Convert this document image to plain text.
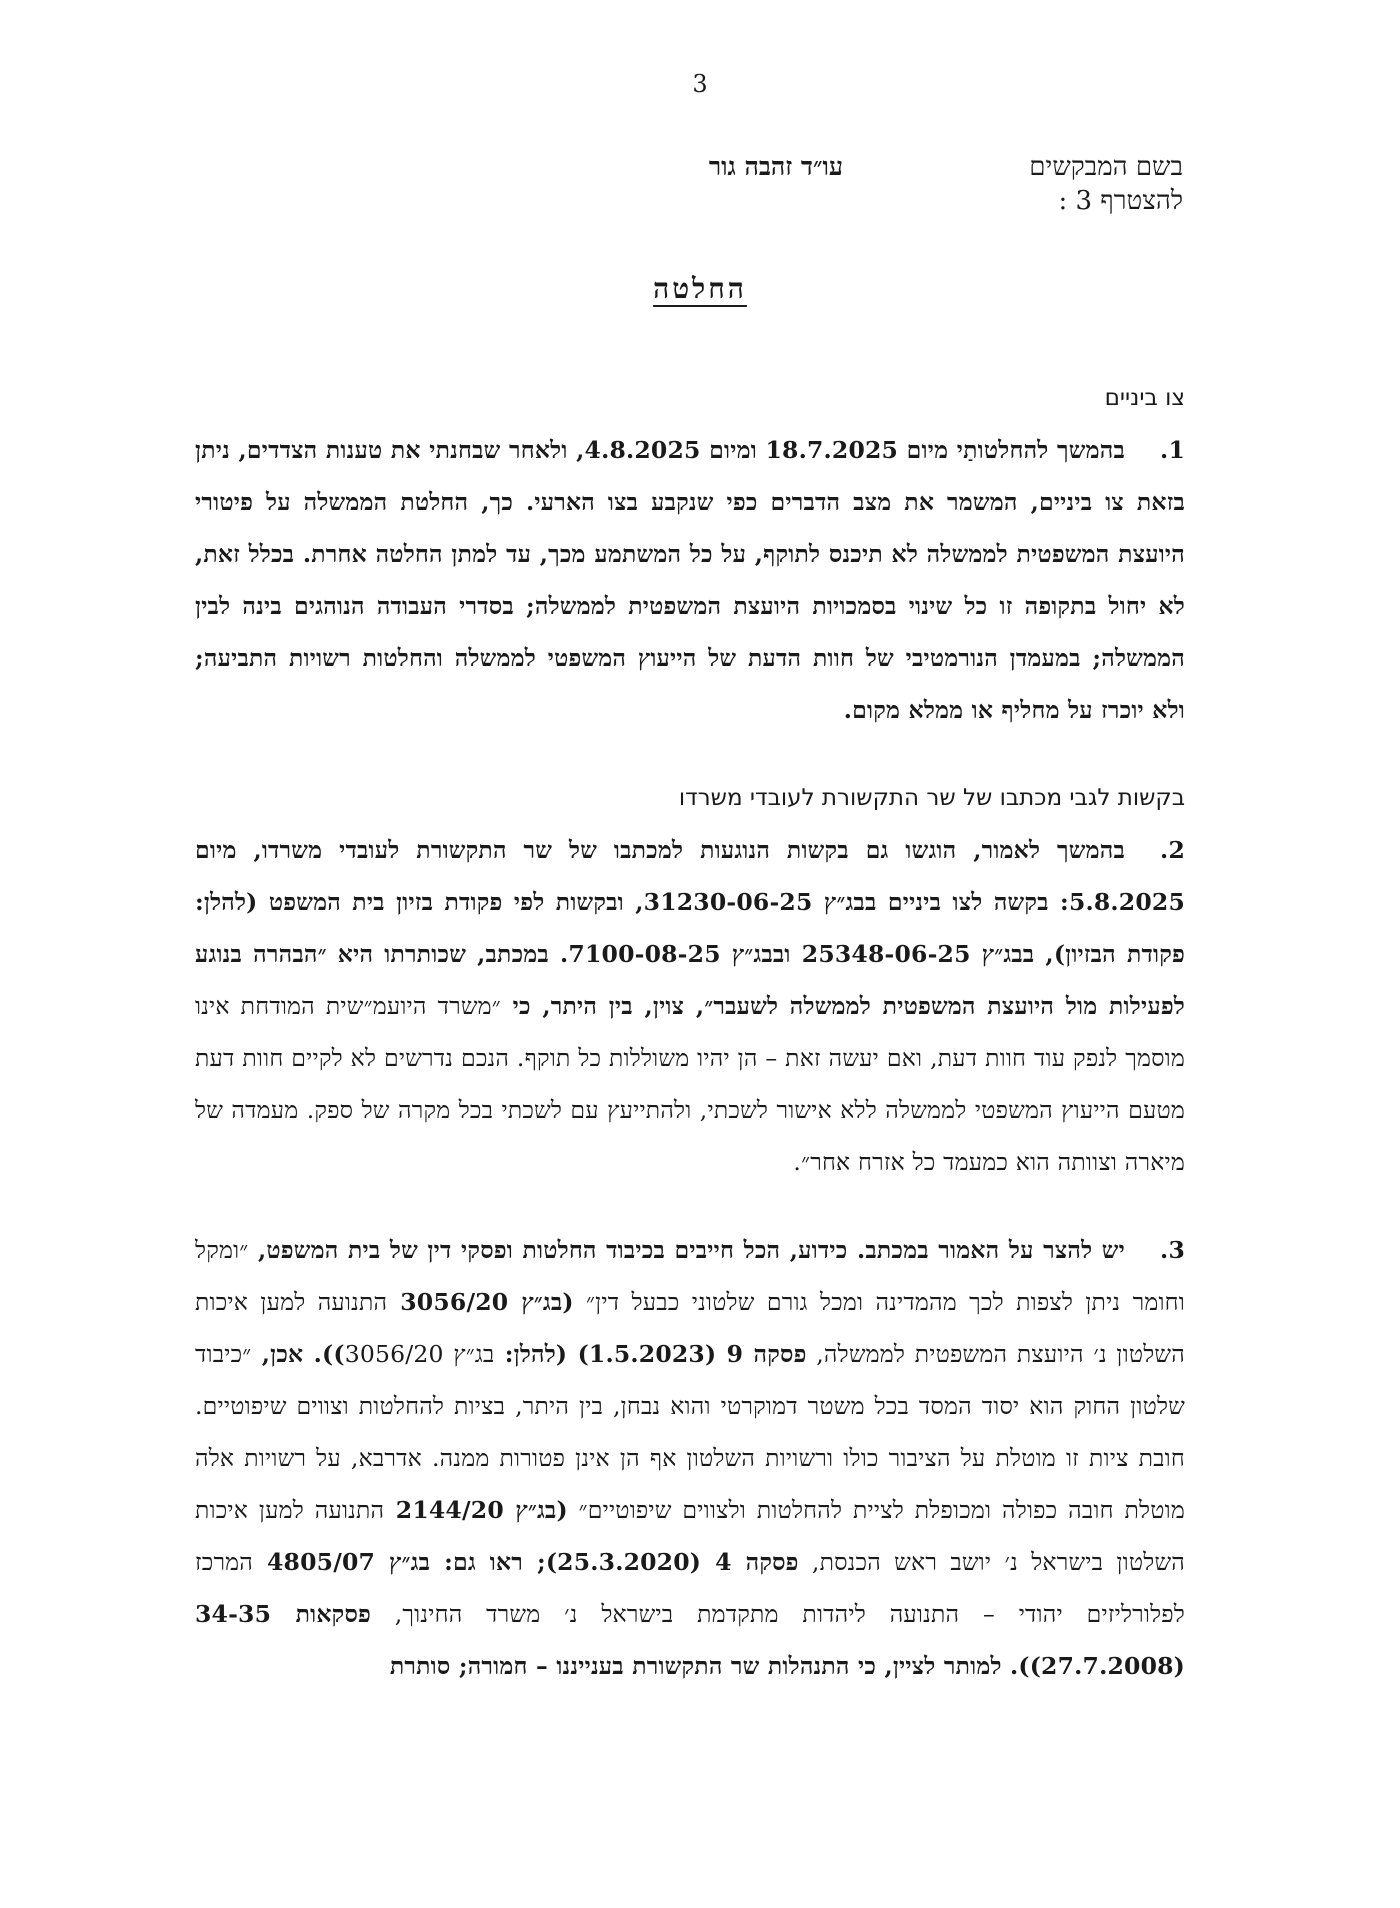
3
בשם המבקשים
להצטרף 3 :
עו״ד זהבה גור
החלטה
צו ביניים

1.בהמשך להחלטותַי מיום 18.7.2025 ומיום 4.8.2025, ולאחר שבחנתי את טענות הצדדים, ניתן בזאת צו ביניים, המשמר את מצב הדברים כפי שנקבע בצו הארעי. כך, החלטת הממשלה על פיטורי היועצת המשפטית לממשלה לא תיכנס לתוקף, על כל המשתמע מכך, עד למתן החלטה אחרת. בכלל זאת, לא יחול בתקופה זו כל שינוי בסמכויות היועצת המשפטית לממשלה; בסדרי העבודה הנוהגים בינה לבין הממשלה; במעמדן הנורמטיבי של חוות הדעת של הייעוץ המשפטי לממשלה והחלטות רשויות התביעה; ולא יוכרז על מחליף או ממלא מקום.

בקשות לגבי מכתבו של שר התקשורת לעובדי משרדו

2.בהמשך לאמור, הוגשו גם בקשות הנוגעות למכתבו של שר התקשורת לעובדי משרדו, מיום 5.8.2025: בקשה לצו ביניים בבג״ץ 31230-06-25, ובקשות לפי פקודת בזיון בית המשפט (להלן: פקודת הבזיון), בבג״ץ 25348-06-25 ובבג״ץ 7100-08-25. במכתב, שכותרתו היא ״הבהרה בנוגע לפעילות מול היועצת המשפטית לממשלה לשעבר״, צוין, בין היתר, כי ״משרד היועמ״שית המודחת אינו מוסמך לנפק עוד חוות דעת, ואם יעשה זאת – הן יהיו משוללות כל תוקף. הנכם נדרשים לא לקיים חוות דעת מטעם הייעוץ המשפטי לממשלה ללא אישור לשכתי, ולהתייעץ עם לשכתי בכל מקרה של ספק. מעמדה של מיארה וצוותה הוא כמעמד כל אזרח אחר״.

3.יש להצר על האמור במכתב. כידוע, הכל חייבים בכיבוד החלטות ופסקי דין של בית המשפט, ״ומקל וחומר ניתן לצפות לכך מהמדינה ומכל גורם שלטוני כבעל דין״ (בג״ץ 3056/20 התנועה למען איכות השלטון נ׳ היועצת המשפטית לממשלה, פסקה 9 (1.5.2023) (להלן: בג״ץ 3056/20)). אכן, ״כיבוד שלטון החוק הוא יסוד המסד בכל משטר דמוקרטי והוא נבחן, בין היתר, בציות להחלטות וצווים שיפוטיים. חובת ציות זו מוטלת על הציבור כולו ורשויות השלטון אף הן אינן פטורות ממנה. אדרבא, על רשויות אלה מוטלת חובה כפולה ומכופלת לציית להחלטות ולצווים שיפוטיים״ (בג״ץ 2144/20 התנועה למען איכות השלטון בישראל נ׳ יושב ראש הכנסת, פסקה 4 (25.3.2020); ראו גם: בג״ץ 4805/07 המרכז לפלורליזים יהודי – התנועה ליהדות מתקדמת בישראל נ׳ משרד החינוך, פסקאות 34-35 (27.7.2008)). למותר לציין, כי התנהלות שר התקשורת בענייננו – חמורה; סותרת
